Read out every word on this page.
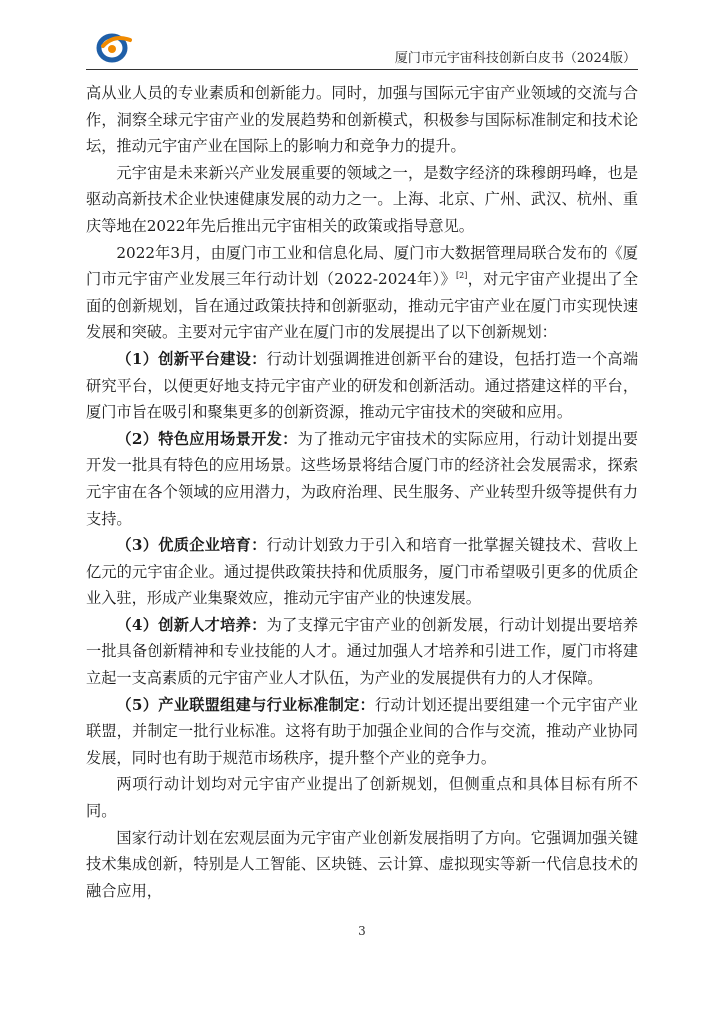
厦门市元宇宙科技创新白皮书（2024版）

高从业人员的专业素质和创新能力。同时，加强与国际元宇宙产业领域的交流与合作，洞察全球元宇宙产业的发展趋势和创新模式，积极参与国际标准制定和技术论坛，推动元宇宙产业在国际上的影响力和竞争力的提升。

元宇宙是未来新兴产业发展重要的领域之一，是数字经济的珠穆朗玛峰，也是驱动高新技术企业快速健康发展的动力之一。上海、北京、广州、武汉、杭州、重庆等地在2022年先后推出元宇宙相关的政策或指导意见。

2022年3月，由厦门市工业和信息化局、厦门市大数据管理局联合发布的《厦门市元宇宙产业发展三年行动计划（2022-2024年）》[2]，对元宇宙产业提出了全面的创新规划，旨在通过政策扶持和创新驱动，推动元宇宙产业在厦门市实现快速发展和突破。主要对元宇宙产业在厦门市的发展提出了以下创新规划：

（1）创新平台建设：行动计划强调推进创新平台的建设，包括打造一个高端研究平台，以便更好地支持元宇宙产业的研发和创新活动。通过搭建这样的平台，厦门市旨在吸引和聚集更多的创新资源，推动元宇宙技术的突破和应用。

（2）特色应用场景开发：为了推动元宇宙技术的实际应用，行动计划提出要开发一批具有特色的应用场景。这些场景将结合厦门市的经济社会发展需求，探索元宇宙在各个领域的应用潜力，为政府治理、民生服务、产业转型升级等提供有力支持。

（3）优质企业培育：行动计划致力于引入和培育一批掌握关键技术、营收上亿元的元宇宙企业。通过提供政策扶持和优质服务，厦门市希望吸引更多的优质企业入驻，形成产业集聚效应，推动元宇宙产业的快速发展。

（4）创新人才培养：为了支撑元宇宙产业的创新发展，行动计划提出要培养一批具备创新精神和专业技能的人才。通过加强人才培养和引进工作，厦门市将建立起一支高素质的元宇宙产业人才队伍，为产业的发展提供有力的人才保障。

（5）产业联盟组建与行业标准制定：行动计划还提出要组建一个元宇宙产业联盟，并制定一批行业标准。这将有助于加强企业间的合作与交流，推动产业协同发展，同时也有助于规范市场秩序，提升整个产业的竞争力。

两项行动计划均对元宇宙产业提出了创新规划，但侧重点和具体目标有所不同。

国家行动计划在宏观层面为元宇宙产业创新发展指明了方向。它强调加强关键技术集成创新，特别是人工智能、区块链、云计算、虚拟现实等新一代信息技术的融合应用，

3
